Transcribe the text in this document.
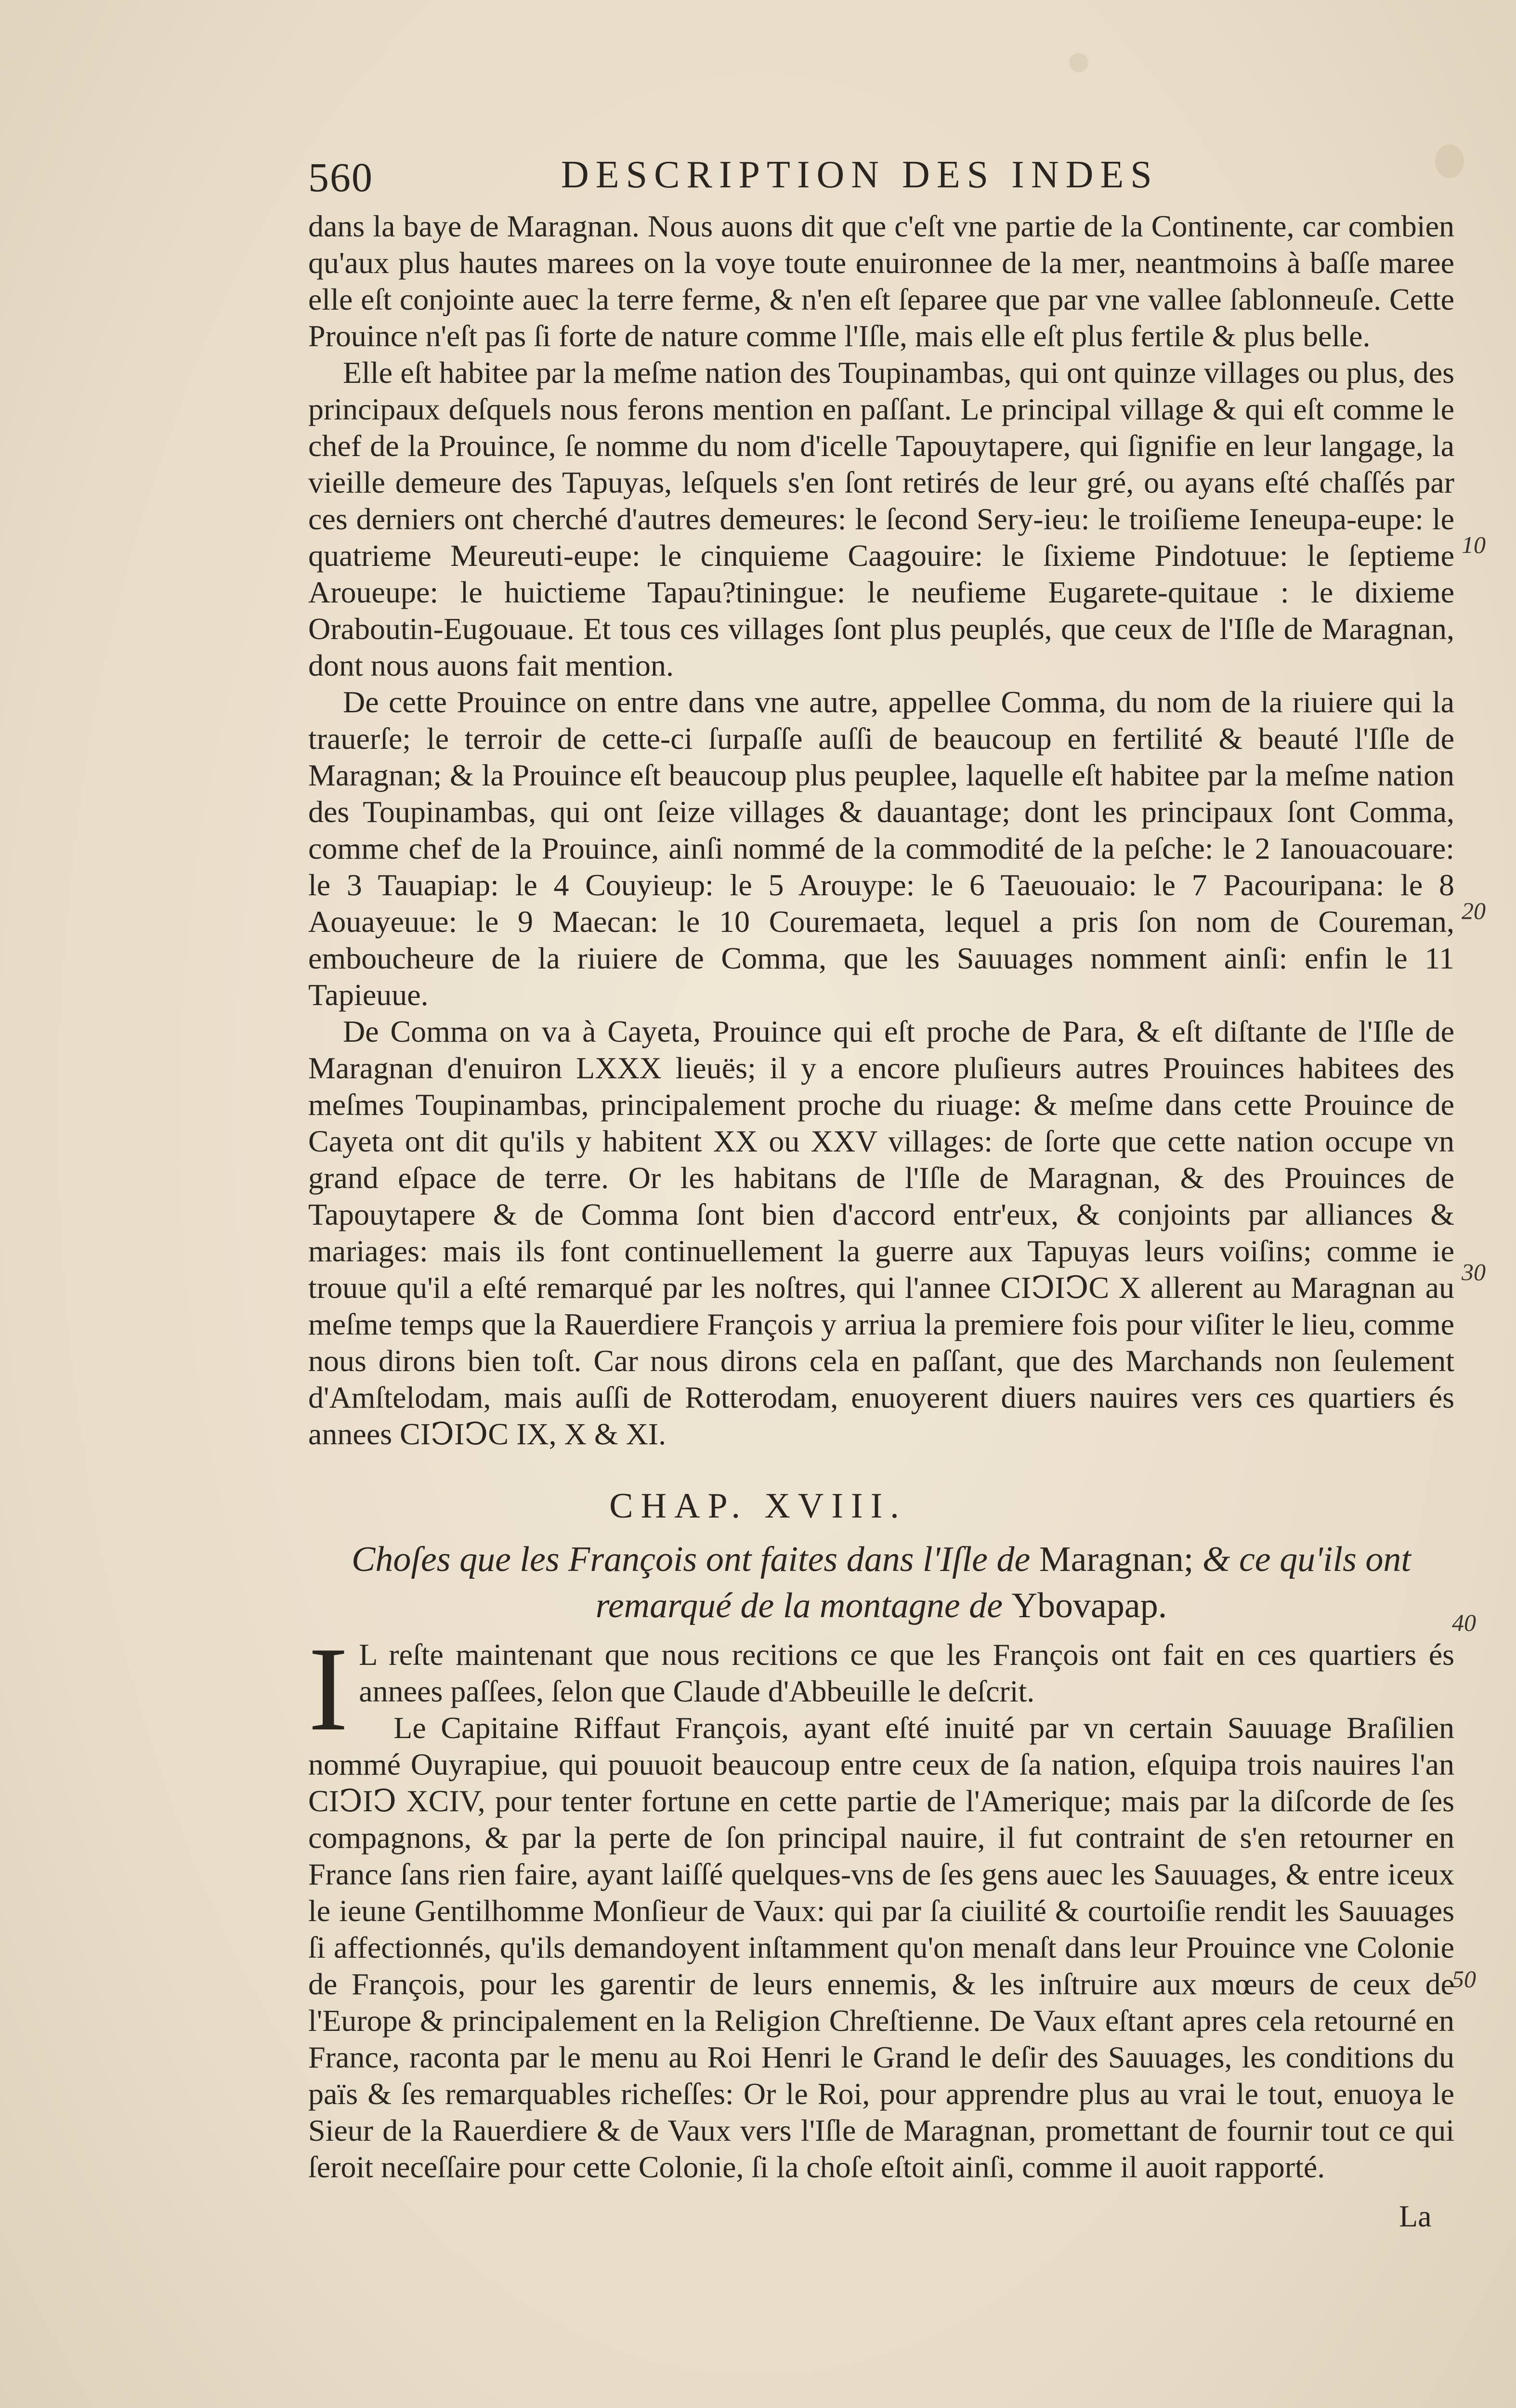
560	DESCRIPTION DES INDES

dans la baye de Maragnan. Nous auons dit que c'eſt vne partie de la Continente, car combien qu'aux plus hautes marees on la voye toute enuironnee de la mer, neantmoins à baſſe maree elle eſt conjointe auec la terre ferme, & n'en eſt ſeparee que par vne vallee ſablonneuſe. Cette Prouince n'eſt pas ſi forte de nature comme l'Iſle, mais elle eſt plus fertile & plus belle.

Elle eſt habitee par la meſme nation des Toupinambas, qui ont quinze villages ou plus, des principaux deſquels nous ferons mention en paſſant. Le principal village & qui eſt comme le chef de la Prouince, ſe nomme du nom d'icelle Tapouytapere, qui ſignifie en leur langage, la vieille demeure des Tapuyas, leſquels s'en ſont retirés de leur gré, ou ayans eſté chaſſés par ces derniers ont cherché d'autres demeures: le ſecond Sery-ieu: le troiſieme Ieneupa-eupe: le quatrieme Meureuti-eupe: le cinquieme Caagouire: le ſixieme Pindotuue: le ſeptieme Aroueupe: le huictieme Tapau?tiningue: le neufieme Eugarete-quitaue : le dixieme Oraboutin-Eugouaue. Et tous ces villages ſont plus peuplés, que ceux de l'Iſle de Maragnan, dont nous auons fait mention.

De cette Prouince on entre dans vne autre, appellee Comma, du nom de la riuiere qui la trauerſe; le terroir de cette-ci ſurpaſſe auſſi de beaucoup en fertilité & beauté l'Iſle de Maragnan; & la Prouince eſt beaucoup plus peuplee, laquelle eſt habitee par la meſme nation des Toupinambas, qui ont ſeize villages & dauantage; dont les principaux ſont Comma, comme chef de la Prouince, ainſi nommé de la commodité de la peſche: le 2 Ianouacouare: le 3 Tauapiap: le 4 Couyieup: le 5 Arouype: le 6 Taeuouaio: le 7 Pacouripana: le 8 Aouayeuue: le 9 Maecan: le 10 Couremaeta, lequel a pris ſon nom de Coureman, embouchеure de la riuiere de Comma, que les Sauuages nomment ainſi: enfin le 11 Tapieuue.

De Comma on va à Cayeta, Prouince qui eſt proche de Para, & eſt diſtante de l'Iſle de Maragnan d'enuiron LXXX lieuës; il y a encore pluſieurs autres Prouinces habitees des meſmes Toupinambas, principalement proche du riuage: & meſme dans cette Prouince de Cayeta ont dit qu'ils y habitent XX ou XXV villages: de ſorte que cette nation occupe vn grand eſpace de terre. Or les habitans de l'Iſle de Maragnan, & des Prouinces de Tapouytapere & de Comma ſont bien d'accord entr'eux, & conjoints par alliances & mariages: mais ils font continuellement la guerre aux Tapuyas leurs voiſins; comme ie trouue qu'il a eſté remarqué par les noſtres, qui l'annee CIↃIↃC X allerent au Maragnan au meſme temps que la Rauerdiere François y arriua la premiere fois pour viſiter le lieu, comme nous dirons bien toſt. Car nous dirons cela en paſſant, que des Marchands non ſeulement d'Amſtelodam, mais auſſi de Rotterodam, enuoyerent diuers nauires vers ces quartiers és annees CIↃIↃC IX, X & XI.

10
20
30
40
50
CHAP. XVIII.
Choſes que les François ont faites dans l'Iſle de Maragnan; & ce qu'ils ont remarqué de la montagne de Ybovapap.

I L reſte maintenant que nous recitions ce que les François ont fait en ces quartiers és annees paſſees, ſelon que Claude d'Abbeuille le deſcrit.

Le Capitaine Riffaut François, ayant eſté inuité par vn certain Sauuage Braſilien nommé Ouyrapiue, qui pouuoit beaucoup entre ceux de ſa nation, eſquipa trois nauires l'an CIↃIↃ XCIV, pour tenter fortune en cette partie de l'Amerique; mais par la diſcorde de ſes compagnons, & par la perte de ſon principal nauire, il fut contraint de s'en retourner en France ſans rien faire, ayant laiſſé quelques-vns de ſes gens auec les Sauuages, & entre iceux le ieune Gentilhomme Monſieur de Vaux: qui par ſa ciuilité & courtoiſie rendit les Sauuages ſi affectionnés, qu'ils demandoyent inſtamment qu'on menaſt dans leur Prouince vne Colonie de François, pour les garentir de leurs ennemis, & les inſtruire aux mœurs de ceux de l'Europe & principalement en la Religion Chreſtienne. De Vaux eſtant apres cela retourné en France, raconta par le menu au Roi Henri le Grand le deſir des Sauuages, les conditions du païs & ſes remarquables richeſſes: Or le Roi, pour apprendre plus au vrai le tout, enuoya le Sieur de la Rauerdiere & de Vaux vers l'Iſle de Maragnan, promettant de fournir tout ce qui ſeroit neceſſaire pour cette Colonie, ſi la choſe eſtoit ainſi, comme il auoit rapporté.

La
